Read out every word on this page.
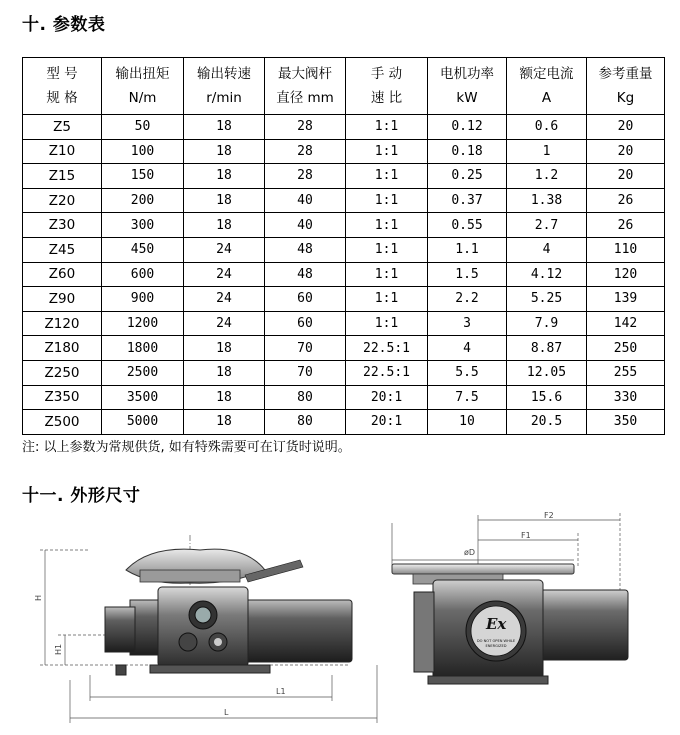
十. 参数表
型 号	输出扭矩	输出转速	最大阀杆	手 动	电机功率	额定电流	参考重量
规 格	N/m	r/min	直径 mm	速 比	kW	A	Kg
Z5	50	18	28	1:1	0.12	0.6	20
Z10	100	18	28	1:1	0.18	1	20
Z15	150	18	28	1:1	0.25	1.2	20
Z20	200	18	40	1:1	0.37	1.38	26
Z30	300	18	40	1:1	0.55	2.7	26
Z45	450	24	48	1:1	1.1	4	110
Z60	600	24	48	1:1	1.5	4.12	120
Z90	900	24	60	1:1	2.2	5.25	139
Z120	1200	24	60	1:1	3	7.9	142
Z180	1800	18	70	22.5:1	4	8.87	250
Z250	2500	18	70	22.5:1	5.5	12.05	255
Z350	3500	18	80	20:1	7.5	15.6	330
Z500	5000	18	80	20:1	10	20.5	350
注: 以上参数为常规供货, 如有特殊需要可在订货时说明。
十一. 外形尺寸
H
H1
L1
L
F2
F1
øD
Ex
DO NOT OPEN WHILE
ENERGIZED
